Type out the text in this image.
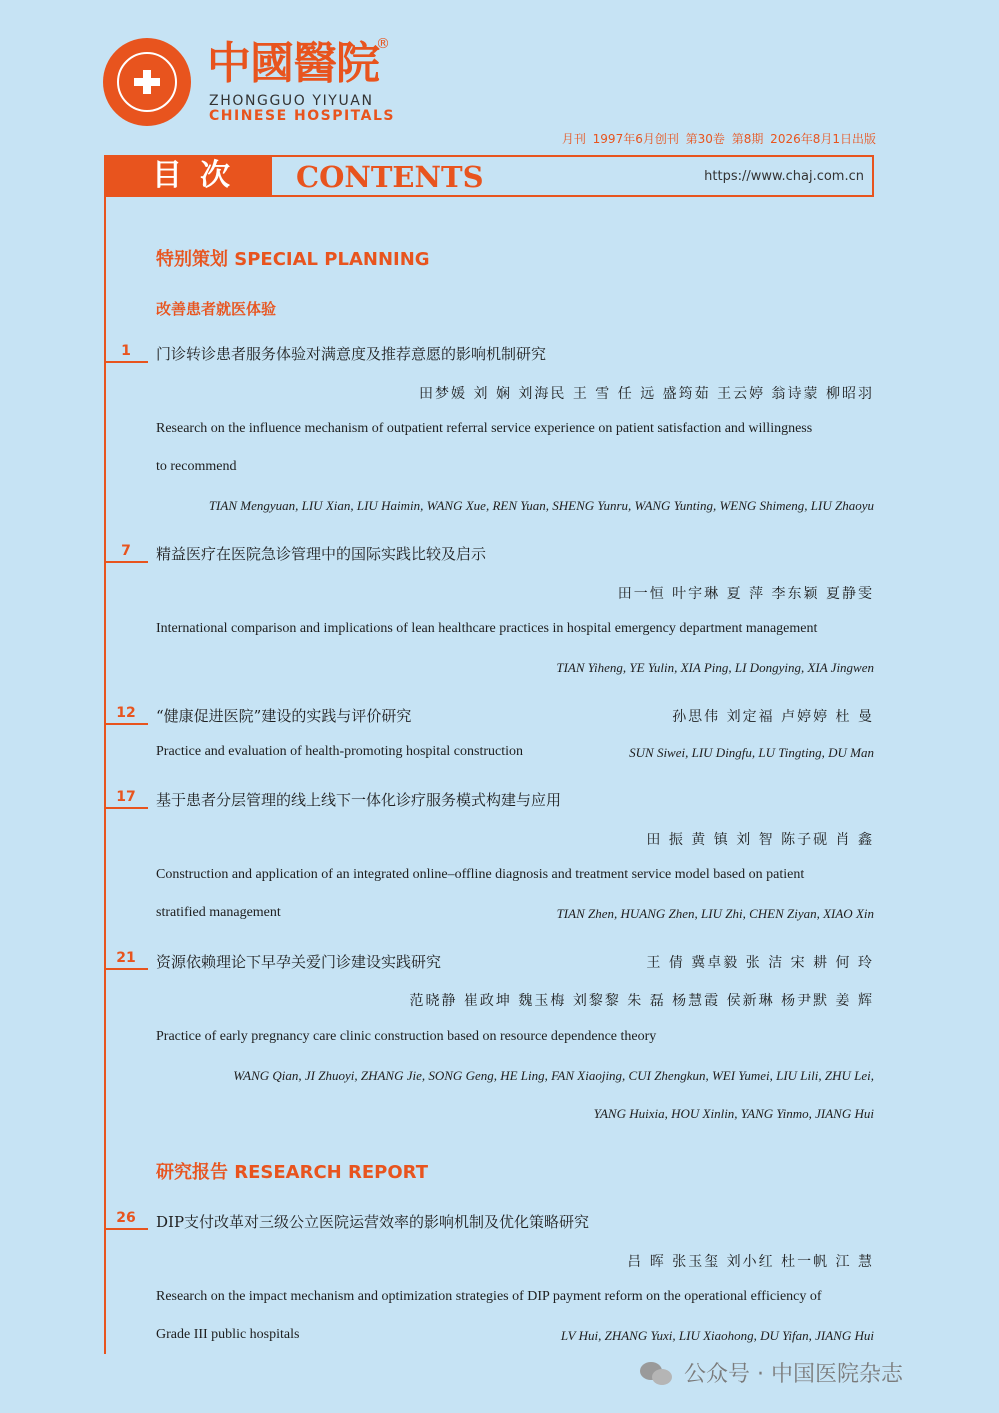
中國醫院
®
ZHONGGUO YIYUAN
CHINESE HOSPITALS
月刊 1997年6月创刊 第30卷 第8期 2026年8月1日出版
目次	CONTENTS	https://www.chaj.com.cn
特别策划 SPECIAL PLANNING
改善患者就医体验
1	门诊转诊患者服务体验对满意度及推荐意愿的影响机制研究
田梦媛 刘 娴 刘海民 王 雪 任 远 盛筠茹 王云婷 翁诗蒙 柳昭羽
Research on the influence mechanism of outpatient referral service experience on patient satisfaction and willingness
to recommend
TIAN Mengyuan, LIU Xian, LIU Haimin, WANG Xue, REN Yuan, SHENG Yunru, WANG Yunting, WENG Shimeng, LIU Zhaoyu
7	精益医疗在医院急诊管理中的国际实践比较及启示
田一恒 叶宇琳 夏 萍 李东颖 夏静雯
International comparison and implications of lean healthcare practices in hospital emergency department management
TIAN Yiheng, YE Yulin, XIA Ping, LI Dongying, XIA Jingwen
12	“健康促进医院”建设的实践与评价研究	孙思伟 刘定福 卢婷婷 杜 曼
Practice and evaluation of health-promoting hospital construction	SUN Siwei, LIU Dingfu, LU Tingting, DU Man
17	基于患者分层管理的线上线下一体化诊疗服务模式构建与应用
田 振 黄 镇 刘 智 陈子砚 肖 鑫
Construction and application of an integrated online–offline diagnosis and treatment service model based on patient
stratified management	TIAN Zhen, HUANG Zhen, LIU Zhi, CHEN Ziyan, XIAO Xin
21	资源依赖理论下早孕关爱门诊建设实践研究	王 倩 冀卓毅 张 洁 宋 耕 何 玲
范晓静 崔政坤 魏玉梅 刘黎黎 朱 磊 杨慧霞 侯新琳 杨尹默 姜 辉
Practice of early pregnancy care clinic construction based on resource dependence theory
WANG Qian, JI Zhuoyi, ZHANG Jie, SONG Geng, HE Ling, FAN Xiaojing, CUI Zhengkun, WEI Yumei, LIU Lili, ZHU Lei,
YANG Huixia, HOU Xinlin, YANG Yinmo, JIANG Hui
研究报告 RESEARCH REPORT
26	DIP支付改革对三级公立医院运营效率的影响机制及优化策略研究
吕 晖 张玉玺 刘小红 杜一帆 江 慧
Research on the impact mechanism and optimization strategies of DIP payment reform on the operational efficiency of
Grade III public hospitals	LV Hui, ZHANG Yuxi, LIU Xiaohong, DU Yifan, JIANG Hui
公众号 · 中国医院杂志
